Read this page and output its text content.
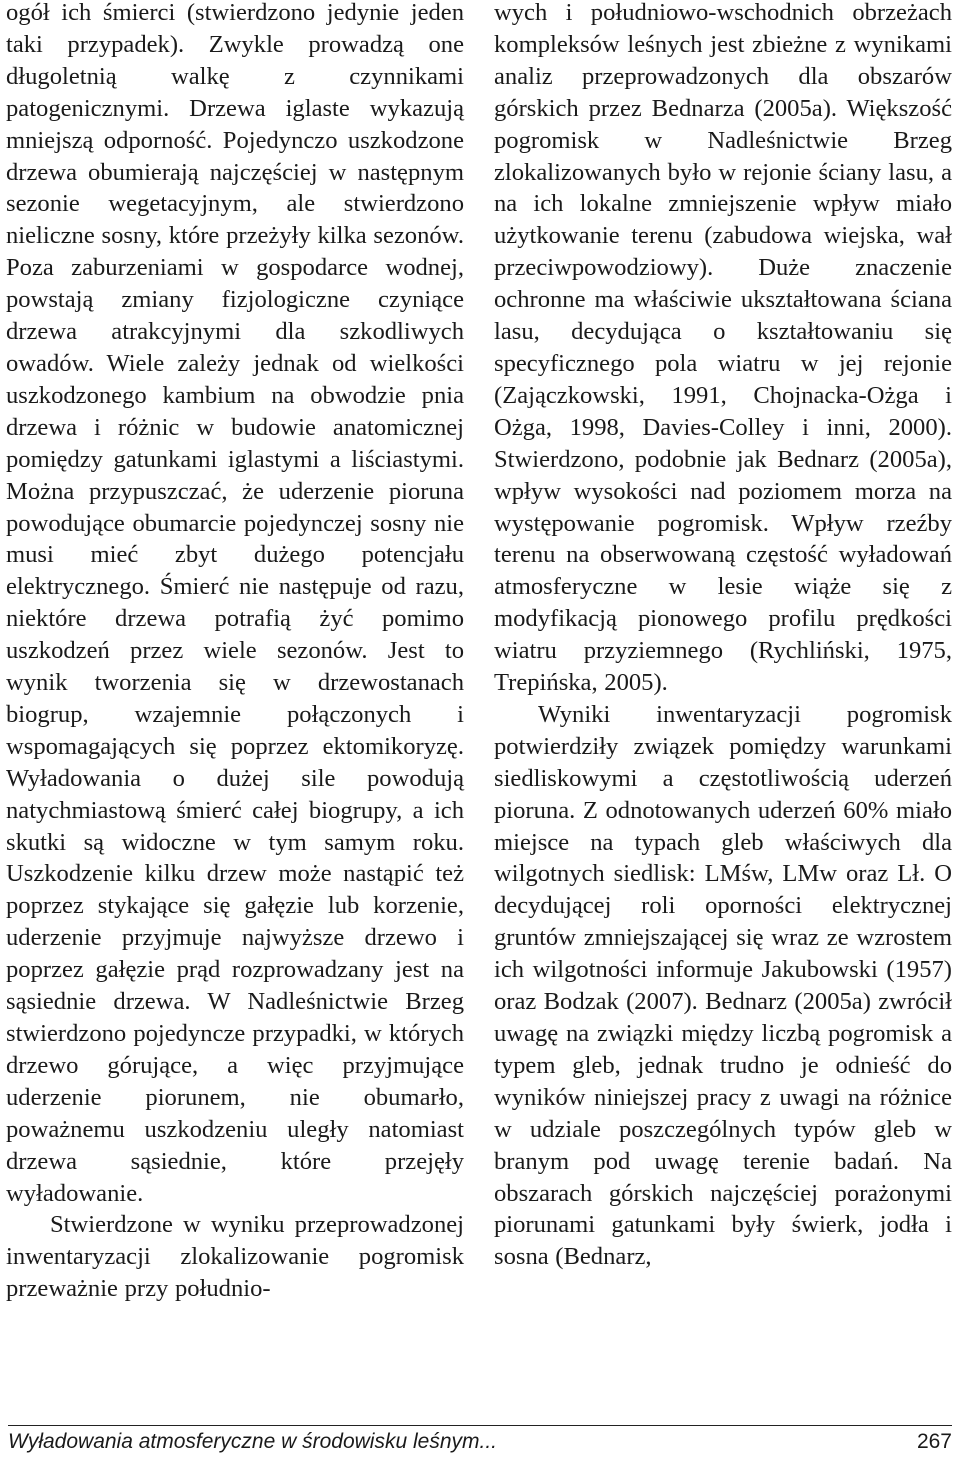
ogół ich śmierci (stwierdzono jedynie jeden taki przypadek). Zwykle prowadzą one długoletnią walkę z czynnikami patogenicznymi. Drzewa iglaste wykazują mniejszą odporność. Pojedynczo uszkodzone drzewa obumierają najczęściej w następnym sezonie wegetacyjnym, ale stwierdzono nieliczne sosny, które przeżyły kilka sezonów. Poza zaburzeniami w gospodarce wodnej, powstają zmiany fizjologiczne czyniące drzewa atrakcyjnymi dla szkodliwych owadów. Wiele zależy jednak od wielkości uszkodzonego kambium na obwodzie pnia drzewa i różnic w budowie anatomicznej pomiędzy gatunkami iglastymi a liściastymi. Można przypuszczać, że uderzenie pioruna powodujące obumarcie pojedynczej sosny nie musi mieć zbyt dużego potencjału elektrycznego. Śmierć nie następuje od razu, niektóre drzewa potrafią żyć pomimo uszkodzeń przez wiele sezonów. Jest to wynik tworzenia się w drzewostanach biogrup, wzajemnie połączonych i wspomagających się poprzez ektomikoryzę. Wyładowania o dużej sile powodują natychmiastową śmierć całej biogrupy, a ich skutki są widoczne w tym samym roku. Uszkodzenie kilku drzew może nastąpić też poprzez stykające się gałęzie lub korzenie, uderzenie przyjmuje najwyższe drzewo i poprzez gałęzie prąd rozprowadzany jest na sąsiednie drzewa. W Nadleśnictwie Brzeg stwierdzono pojedyncze przypadki, w których drzewo górujące, a więc przyjmujące uderzenie piorunem, nie obumarło, poważnemu uszkodzeniu uległy natomiast drzewa sąsiednie, które przejęły wyładowanie.

Stwierdzone w wyniku przeprowadzonej inwentaryzacji zlokalizowanie pogromisk przeważnie przy południo-

wych i południowo-wschodnich obrzeżach kompleksów leśnych jest zbieżne z wynikami analiz przeprowadzonych dla obszarów górskich przez Bednarza (2005a). Większość pogromisk w Nadleśnictwie Brzeg zlokalizowanych było w rejonie ściany lasu, a na ich lokalne zmniejszenie wpływ miało użytkowanie terenu (zabudowa wiejska, wał przeciwpowodziowy). Duże znaczenie ochronne ma właściwie ukształtowana ściana lasu, decydująca o kształtowaniu się specyficznego pola wiatru w jej rejonie (Zajączkowski, 1991, Chojnacka-Ożga i Ożga, 1998, Davies-Colley i inni, 2000). Stwierdzono, podobnie jak Bednarz (2005a), wpływ wysokości nad poziomem morza na występowanie pogromisk. Wpływ rzeźby terenu na obserwowaną częstość wyładowań atmosferyczne w lesie wiąże się z modyfikacją pionowego profilu prędkości wiatru przyziemnego (Rychliński, 1975, Trepińska, 2005).

Wyniki inwentaryzacji pogromisk potwierdziły związek pomiędzy warunkami siedliskowymi a częstotliwością uderzeń pioruna. Z odnotowanych uderzeń 60% miało miejsce na typach gleb właściwych dla wilgotnych siedlisk: LMśw, LMw oraz Lł. O decydującej roli oporności elektrycznej gruntów zmniejszającej się wraz ze wzrostem ich wilgotności informuje Jakubowski (1957) oraz Bodzak (2007). Bednarz (2005a) zwrócił uwagę na związki między liczbą pogromisk a typem gleb, jednak trudno je odnieść do wyników niniejszej pracy z uwagi na różnice w udziale poszczególnych typów gleb w branym pod uwagę terenie badań. Na obszarach górskich najczęściej porażonymi piorunami gatunkami były świerk, jodła i sosna (Bednarz,

Wyładowania atmosferyczne w środowisku leśnym...	267
